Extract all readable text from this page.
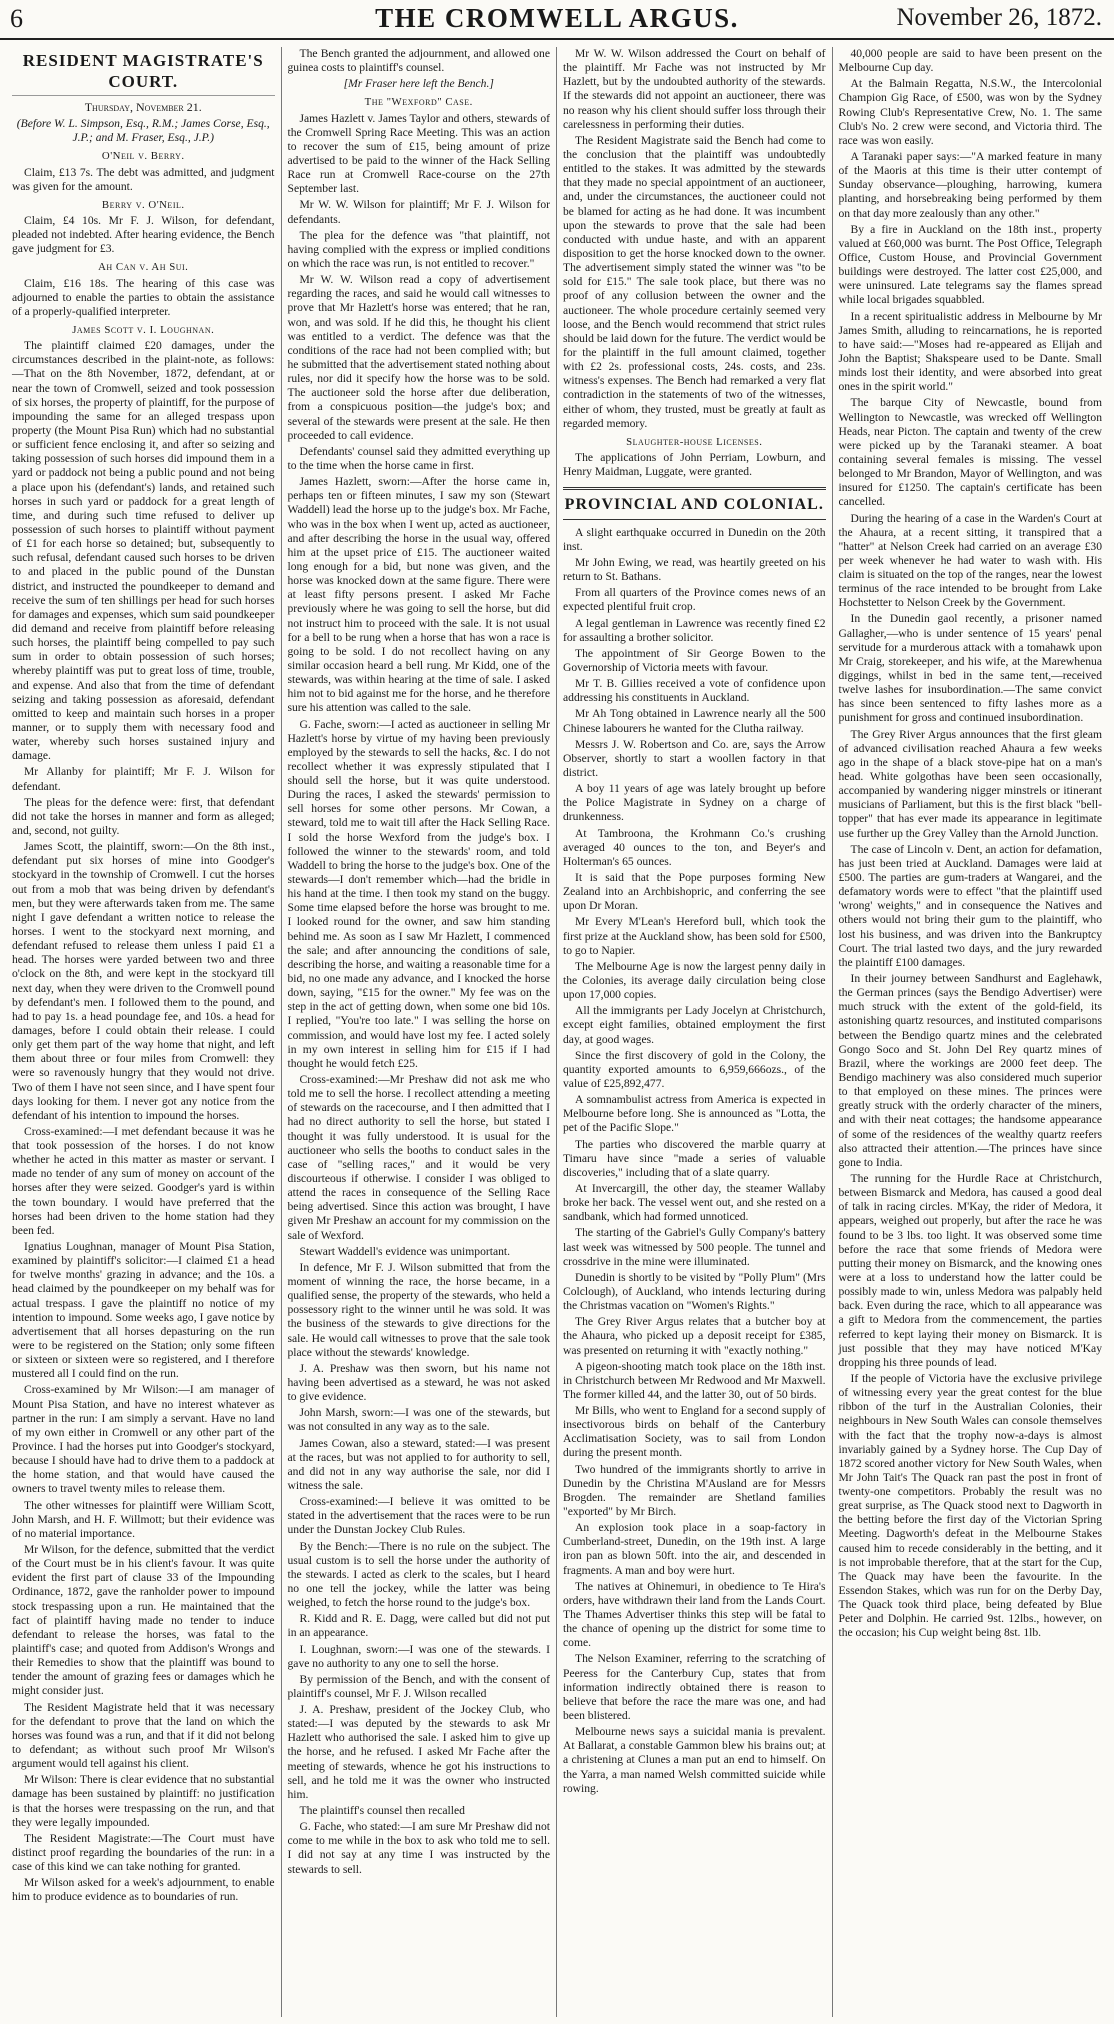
6	THE CROMWELL ARGUS.	November 26, 1872.
RESIDENT MAGISTRATE'S COURT.
Thursday, November 21.
(Before W. L. Simpson, Esq., R.M.; James Corse, Esq., J.P.; and M. Fraser, Esq., J.P.)
O'Neil v. Berry.

Claim, £13 7s. The debt was admitted, and judgment was given for the amount.

Berry v. O'Neil.

Claim, £4 10s. Mr F. J. Wilson, for defendant, pleaded not indebted. After hearing evidence, the Bench gave judgment for £3.

Ah Can v. Ah Sui.

Claim, £16 18s. The hearing of this case was adjourned to enable the parties to obtain the assistance of a properly-qualified interpreter.

James Scott v. I. Loughnan.

The plaintiff claimed £20 damages, under the circumstances described in the plaint-note, as follows:—That on the 8th November, 1872, defendant, at or near the town of Cromwell, seized and took possession of six horses, the property of plaintiff, for the purpose of impounding the same for an alleged trespass upon property (the Mount Pisa Run) which had no substantial or sufficient fence enclosing it, and after so seizing and taking possession of such horses did impound them in a yard or paddock not being a public pound and not being a place upon his (defendant's) lands, and retained such horses in such yard or paddock for a great length of time, and during such time refused to deliver up possession of such horses to plaintiff without payment of £1 for each horse so detained; but, subsequently to such refusal, defendant caused such horses to be driven to and placed in the public pound of the Dunstan district, and instructed the poundkeeper to demand and receive the sum of ten shillings per head for such horses for damages and expenses, which sum said poundkeeper did demand and receive from plaintiff before releasing such horses, the plaintiff being compelled to pay such sum in order to obtain possession of such horses; whereby plaintiff was put to great loss of time, trouble, and expense. And also that from the time of defendant seizing and taking possession as aforesaid, defendant omitted to keep and maintain such horses in a proper manner, or to supply them with necessary food and water, whereby such horses sustained injury and damage.

Mr Allanby for plaintiff; Mr F. J. Wilson for defendant.

The pleas for the defence were: first, that defendant did not take the horses in manner and form as alleged; and, second, not guilty.

James Scott, the plaintiff, sworn:—On the 8th inst., defendant put six horses of mine into Goodger's stockyard in the township of Cromwell. I cut the horses out from a mob that was being driven by defendant's men, but they were afterwards taken from me. The same night I gave defendant a written notice to release the horses. I went to the stockyard next morning, and defendant refused to release them unless I paid £1 a head. The horses were yarded between two and three o'clock on the 8th, and were kept in the stockyard till next day, when they were driven to the Cromwell pound by defendant's men. I followed them to the pound, and had to pay 1s. a head poundage fee, and 10s. a head for damages, before I could obtain their release. I could only get them part of the way home that night, and left them about three or four miles from Cromwell: they were so ravenously hungry that they would not drive. Two of them I have not seen since, and I have spent four days looking for them. I never got any notice from the defendant of his intention to impound the horses.

Cross-examined:—I met defendant because it was he that took possession of the horses. I do not know whether he acted in this matter as master or servant. I made no tender of any sum of money on account of the horses after they were seized. Goodger's yard is within the town boundary. I would have preferred that the horses had been driven to the home station had they been fed.

Ignatius Loughnan, manager of Mount Pisa Station, examined by plaintiff's solicitor:—I claimed £1 a head for twelve months' grazing in advance; and the 10s. a head claimed by the poundkeeper on my behalf was for actual trespass. I gave the plaintiff no notice of my intention to impound. Some weeks ago, I gave notice by advertisement that all horses depasturing on the run were to be registered on the Station; only some fifteen or sixteen or sixteen were so registered, and I therefore mustered all I could find on the run.

Cross-examined by Mr Wilson:—I am manager of Mount Pisa Station, and have no interest whatever as partner in the run: I am simply a servant. Have no land of my own either in Cromwell or any other part of the Province. I had the horses put into Goodger's stockyard, because I should have had to drive them to a paddock at the home station, and that would have caused the owners to travel twenty miles to release them.

The other witnesses for plaintiff were William Scott, John Marsh, and H. F. Willmott; but their evidence was of no material importance.

Mr Wilson, for the defence, submitted that the verdict of the Court must be in his client's favour. It was quite evident the first part of clause 33 of the Impounding Ordinance, 1872, gave the ranholder power to impound stock trespassing upon a run. He maintained that the fact of plaintiff having made no tender to induce defendant to release the horses, was fatal to the plaintiff's case; and quoted from Addison's Wrongs and their Remedies to show that the plaintiff was bound to tender the amount of grazing fees or damages which he might consider just.

The Resident Magistrate held that it was necessary for the defendant to prove that the land on which the horses was found was a run, and that if it did not belong to defendant; as without such proof Mr Wilson's argument would tell against his client.

Mr Wilson: There is clear evidence that no substantial damage has been sustained by plaintiff: no justification is that the horses were trespassing on the run, and that they were legally impounded.

The Resident Magistrate:—The Court must have distinct proof regarding the boundaries of the run: in a case of this kind we can take nothing for granted.

Mr Wilson asked for a week's adjournment, to enable him to produce evidence as to boundaries of run.

The Bench granted the adjournment, and allowed one guinea costs to plaintiff's counsel.

[Mr Fraser here left the Bench.]
The "Wexford" Case.

James Hazlett v. James Taylor and others, stewards of the Cromwell Spring Race Meeting. This was an action to recover the sum of £15, being amount of prize advertised to be paid to the winner of the Hack Selling Race run at Cromwell Race-course on the 27th September last.

Mr W. W. Wilson for plaintiff; Mr F. J. Wilson for defendants.

The plea for the defence was "that plaintiff, not having complied with the express or implied conditions on which the race was run, is not entitled to recover."

Mr W. W. Wilson read a copy of advertisement regarding the races, and said he would call witnesses to prove that Mr Hazlett's horse was entered; that he ran, won, and was sold. If he did this, he thought his client was entitled to a verdict. The defence was that the conditions of the race had not been complied with; but he submitted that the advertisement stated nothing about rules, nor did it specify how the horse was to be sold. The auctioneer sold the horse after due deliberation, from a conspicuous position—the judge's box; and several of the stewards were present at the sale. He then proceeded to call evidence.

Defendants' counsel said they admitted everything up to the time when the horse came in first.

James Hazlett, sworn:—After the horse came in, perhaps ten or fifteen minutes, I saw my son (Stewart Waddell) lead the horse up to the judge's box. Mr Fache, who was in the box when I went up, acted as auctioneer, and after describing the horse in the usual way, offered him at the upset price of £15. The auctioneer waited long enough for a bid, but none was given, and the horse was knocked down at the same figure. There were at least fifty persons present. I asked Mr Fache previously where he was going to sell the horse, but did not instruct him to proceed with the sale. It is not usual for a bell to be rung when a horse that has won a race is going to be sold. I do not recollect having on any similar occasion heard a bell rung. Mr Kidd, one of the stewards, was within hearing at the time of sale. I asked him not to bid against me for the horse, and he therefore sure his attention was called to the sale.

G. Fache, sworn:—I acted as auctioneer in selling Mr Hazlett's horse by virtue of my having been previously employed by the stewards to sell the hacks, &c. I do not recollect whether it was expressly stipulated that I should sell the horse, but it was quite understood. During the races, I asked the stewards' permission to sell horses for some other persons. Mr Cowan, a steward, told me to wait till after the Hack Selling Race. I sold the horse Wexford from the judge's box. I followed the winner to the stewards' room, and told Waddell to bring the horse to the judge's box. One of the stewards—I don't remember which—had the bridle in his hand at the time. I then took my stand on the buggy. Some time elapsed before the horse was brought to me. I looked round for the owner, and saw him standing behind me. As soon as I saw Mr Hazlett, I commenced the sale; and after announcing the conditions of sale, describing the horse, and waiting a reasonable time for a bid, no one made any advance, and I knocked the horse down, saying, "£15 for the owner." My fee was on the step in the act of getting down, when some one bid 10s. I replied, "You're too late." I was selling the horse on commission, and would have lost my fee. I acted solely in my own interest in selling him for £15 if I had thought he would fetch £25.

Cross-examined:—Mr Preshaw did not ask me who told me to sell the horse. I recollect attending a meeting of stewards on the racecourse, and I then admitted that I had no direct authority to sell the horse, but stated I thought it was fully understood. It is usual for the auctioneer who sells the booths to conduct sales in the case of "selling races," and it would be very discourteous if otherwise. I consider I was obliged to attend the races in consequence of the Selling Race being advertised. Since this action was brought, I have given Mr Preshaw an account for my commission on the sale of Wexford.

Stewart Waddell's evidence was unimportant.

In defence, Mr F. J. Wilson submitted that from the moment of winning the race, the horse became, in a qualified sense, the property of the stewards, who held a possessory right to the winner until he was sold. It was the business of the stewards to give directions for the sale. He would call witnesses to prove that the sale took place without the stewards' knowledge.

J. A. Preshaw was then sworn, but his name not having been advertised as a steward, he was not asked to give evidence.

John Marsh, sworn:—I was one of the stewards, but was not consulted in any way as to the sale.

James Cowan, also a steward, stated:—I was present at the races, but was not applied to for authority to sell, and did not in any way authorise the sale, nor did I witness the sale.

Cross-examined:—I believe it was omitted to be stated in the advertisement that the races were to be run under the Dunstan Jockey Club Rules.

By the Bench:—There is no rule on the subject. The usual custom is to sell the horse under the authority of the stewards. I acted as clerk to the scales, but I heard no one tell the jockey, while the latter was being weighed, to fetch the horse round to the judge's box.

R. Kidd and R. E. Dagg, were called but did not put in an appearance.

I. Loughnan, sworn:—I was one of the stewards. I gave no authority to any one to sell the horse.

By permission of the Bench, and with the consent of plaintiff's counsel, Mr F. J. Wilson recalled

J. A. Preshaw, president of the Jockey Club, who stated:—I was deputed by the stewards to ask Mr Hazlett who authorised the sale. I asked him to give up the horse, and he refused. I asked Mr Fache after the meeting of stewards, whence he got his instructions to sell, and he told me it was the owner who instructed him.

The plaintiff's counsel then recalled

G. Fache, who stated:—I am sure Mr Preshaw did not come to me while in the box to ask who told me to sell. I did not say at any time I was instructed by the stewards to sell.

Mr W. W. Wilson addressed the Court on behalf of the plaintiff. Mr Fache was not instructed by Mr Hazlett, but by the undoubted authority of the stewards. If the stewards did not appoint an auctioneer, there was no reason why his client should suffer loss through their carelessness in performing their duties.

The Resident Magistrate said the Bench had come to the conclusion that the plaintiff was undoubtedly entitled to the stakes. It was admitted by the stewards that they made no special appointment of an auctioneer, and, under the circumstances, the auctioneer could not be blamed for acting as he had done. It was incumbent upon the stewards to prove that the sale had been conducted with undue haste, and with an apparent disposition to get the horse knocked down to the owner. The advertisement simply stated the winner was "to be sold for £15." The sale took place, but there was no proof of any collusion between the owner and the auctioneer. The whole procedure certainly seemed very loose, and the Bench would recommend that strict rules should be laid down for the future. The verdict would be for the plaintiff in the full amount claimed, together with £2 2s. professional costs, 24s. costs, and 23s. witness's expenses. The Bench had remarked a very flat contradiction in the statements of two of the witnesses, either of whom, they trusted, must be greatly at fault as regarded memory.

Slaughter-house Licenses.

The applications of John Perriam, Lowburn, and Henry Maidman, Luggate, were granted.

PROVINCIAL AND COLONIAL.

A slight earthquake occurred in Dunedin on the 20th inst.

Mr John Ewing, we read, was heartily greeted on his return to St. Bathans.

From all quarters of the Province comes news of an expected plentiful fruit crop.

A legal gentleman in Lawrence was recently fined £2 for assaulting a brother solicitor.

The appointment of Sir George Bowen to the Governorship of Victoria meets with favour.

Mr T. B. Gillies received a vote of confidence upon addressing his constituents in Auckland.

Mr Ah Tong obtained in Lawrence nearly all the 500 Chinese labourers he wanted for the Clutha railway.

Messrs J. W. Robertson and Co. are, says the Arrow Observer, shortly to start a woollen factory in that district.

A boy 11 years of age was lately brought up before the Police Magistrate in Sydney on a charge of drunkenness.

At Tambroona, the Krohmann Co.'s crushing averaged 40 ounces to the ton, and Beyer's and Holterman's 65 ounces.

It is said that the Pope purposes forming New Zealand into an Archbishopric, and conferring the see upon Dr Moran.

Mr Every M'Lean's Hereford bull, which took the first prize at the Auckland show, has been sold for £500, to go to Napier.

The Melbourne Age is now the largest penny daily in the Colonies, its average daily circulation being close upon 17,000 copies.

All the immigrants per Lady Jocelyn at Christchurch, except eight families, obtained employment the first day, at good wages.

Since the first discovery of gold in the Colony, the quantity exported amounts to 6,959,666ozs., of the value of £25,892,477.

A somnambulist actress from America is expected in Melbourne before long. She is announced as "Lotta, the pet of the Pacific Slope."

The parties who discovered the marble quarry at Timaru have since "made a series of valuable discoveries," including that of a slate quarry.

At Invercargill, the other day, the steamer Wallaby broke her back. The vessel went out, and she rested on a sandbank, which had formed unnoticed.

The starting of the Gabriel's Gully Company's battery last week was witnessed by 500 people. The tunnel and crossdrive in the mine were illuminated.

Dunedin is shortly to be visited by "Polly Plum" (Mrs Colclough), of Auckland, who intends lecturing during the Christmas vacation on "Women's Rights."

The Grey River Argus relates that a butcher boy at the Ahaura, who picked up a deposit receipt for £385, was presented on returning it with "exactly nothing."

A pigeon-shooting match took place on the 18th inst. in Christchurch between Mr Redwood and Mr Maxwell. The former killed 44, and the latter 30, out of 50 birds.

Mr Bills, who went to England for a second supply of insectivorous birds on behalf of the Canterbury Acclimatisation Society, was to sail from London during the present month.

Two hundred of the immigrants shortly to arrive in Dunedin by the Christina M'Ausland are for Messrs Brogden. The remainder are Shetland families "exported" by Mr Birch.

An explosion took place in a soap-factory in Cumberland-street, Dunedin, on the 19th inst. A large iron pan as blown 50ft. into the air, and descended in fragments. A man and boy were hurt.

The natives at Ohinemuri, in obedience to Te Hira's orders, have withdrawn their land from the Lands Court. The Thames Advertiser thinks this step will be fatal to the chance of opening up the district for some time to come.

The Nelson Examiner, referring to the scratching of Peeress for the Canterbury Cup, states that from information indirectly obtained there is reason to believe that before the race the mare was one, and had been blistered.

Melbourne news says a suicidal mania is prevalent. At Ballarat, a constable Gammon blew his brains out; at a christening at Clunes a man put an end to himself. On the Yarra, a man named Welsh committed suicide while rowing.

40,000 people are said to have been present on the Melbourne Cup day.

At the Balmain Regatta, N.S.W., the Intercolonial Champion Gig Race, of £500, was won by the Sydney Rowing Club's Representative Crew, No. 1. The same Club's No. 2 crew were second, and Victoria third. The race was won easily.

A Taranaki paper says:—"A marked feature in many of the Maoris at this time is their utter contempt of Sunday observance—ploughing, harrowing, kumera planting, and horsebreaking being performed by them on that day more zealously than any other."

By a fire in Auckland on the 18th inst., property valued at £60,000 was burnt. The Post Office, Telegraph Office, Custom House, and Provincial Government buildings were destroyed. The latter cost £25,000, and were uninsured. Late telegrams say the flames spread while local brigades squabbled.

In a recent spiritualistic address in Melbourne by Mr James Smith, alluding to reincarnations, he is reported to have said:—"Moses had re-appeared as Elijah and John the Baptist; Shakspeare used to be Dante. Small minds lost their identity, and were absorbed into great ones in the spirit world."

The barque City of Newcastle, bound from Wellington to Newcastle, was wrecked off Wellington Heads, near Picton. The captain and twenty of the crew were picked up by the Taranaki steamer. A boat containing several females is missing. The vessel belonged to Mr Brandon, Mayor of Wellington, and was insured for £1250. The captain's certificate has been cancelled.

During the hearing of a case in the Warden's Court at the Ahaura, at a recent sitting, it transpired that a "hatter" at Nelson Creek had carried on an average £30 per week whenever he had water to wash with. His claim is situated on the top of the ranges, near the lowest terminus of the race intended to be brought from Lake Hochstetter to Nelson Creek by the Government.

In the Dunedin gaol recently, a prisoner named Gallagher,—who is under sentence of 15 years' penal servitude for a murderous attack with a tomahawk upon Mr Craig, storekeeper, and his wife, at the Marewhenua diggings, whilst in bed in the same tent,—received twelve lashes for insubordination.—The same convict has since been sentenced to fifty lashes more as a punishment for gross and continued insubordination.

The Grey River Argus announces that the first gleam of advanced civilisation reached Ahaura a few weeks ago in the shape of a black stove-pipe hat on a man's head. White golgothas have been seen occasionally, accompanied by wandering nigger minstrels or itinerant musicians of Parliament, but this is the first black "bell-topper" that has ever made its appearance in legitimate use further up the Grey Valley than the Arnold Junction.

The case of Lincoln v. Dent, an action for defamation, has just been tried at Auckland. Damages were laid at £500. The parties are gum-traders at Wangarei, and the defamatory words were to effect "that the plaintiff used 'wrong' weights," and in consequence the Natives and others would not bring their gum to the plaintiff, who lost his business, and was driven into the Bankruptcy Court. The trial lasted two days, and the jury rewarded the plaintiff £100 damages.

In their journey between Sandhurst and Eaglehawk, the German princes (says the Bendigo Advertiser) were much struck with the extent of the gold-field, its astonishing quartz resources, and instituted comparisons between the Bendigo quartz mines and the celebrated Gongo Soco and St. John Del Rey quartz mines of Brazil, where the workings are 2000 feet deep. The Bendigo machinery was also considered much superior to that employed on these mines. The princes were greatly struck with the orderly character of the miners, and with their neat cottages; the handsome appearance of some of the residences of the wealthy quartz reefers also attracted their attention.—The princes have since gone to India.

The running for the Hurdle Race at Christchurch, between Bismarck and Medora, has caused a good deal of talk in racing circles. M'Kay, the rider of Medora, it appears, weighed out properly, but after the race he was found to be 3 lbs. too light. It was observed some time before the race that some friends of Medora were putting their money on Bismarck, and the knowing ones were at a loss to understand how the latter could be possibly made to win, unless Medora was palpably held back. Even during the race, which to all appearance was a gift to Medora from the commencement, the parties referred to kept laying their money on Bismarck. It is just possible that they may have noticed M'Kay dropping his three pounds of lead.

If the people of Victoria have the exclusive privilege of witnessing every year the great contest for the blue ribbon of the turf in the Australian Colonies, their neighbours in New South Wales can console themselves with the fact that the trophy now-a-days is almost invariably gained by a Sydney horse. The Cup Day of 1872 scored another victory for New South Wales, when Mr John Tait's The Quack ran past the post in front of twenty-one competitors. Probably the result was no great surprise, as The Quack stood next to Dagworth in the betting before the first day of the Victorian Spring Meeting. Dagworth's defeat in the Melbourne Stakes caused him to recede considerably in the betting, and it is not improbable therefore, that at the start for the Cup, The Quack may have been the favourite. In the Essendon Stakes, which was run for on the Derby Day, The Quack took third place, being defeated by Blue Peter and Dolphin. He carried 9st. 12lbs., however, on the occasion; his Cup weight being 8st. 1lb.
